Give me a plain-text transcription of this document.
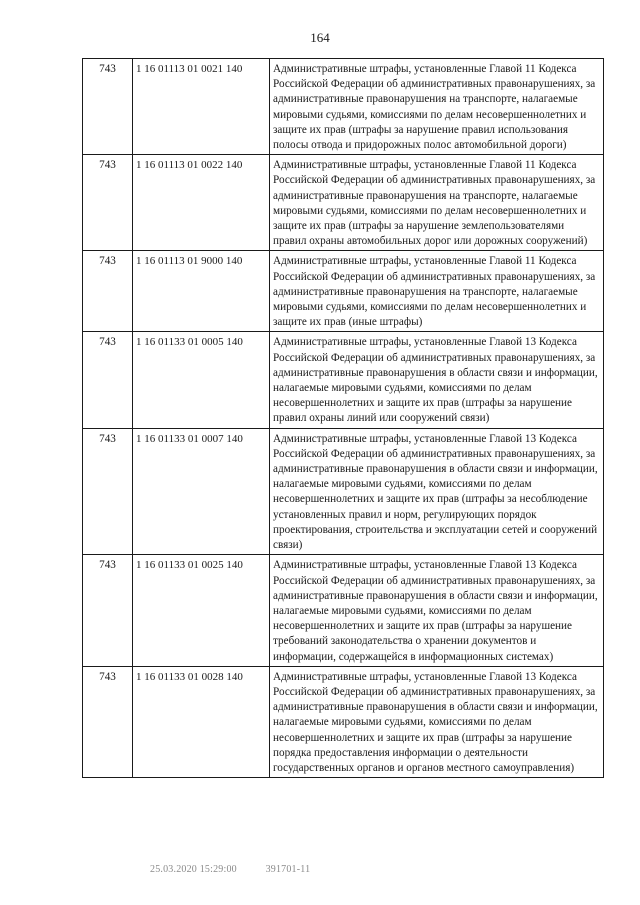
164
743	1 16 01113 01 0021 140	Административные штрафы, установленные Главой 11 Кодекса Российской Федерации об административных правонарушениях, за административные правонарушения на транспорте, налагаемые мировыми судьями, комиссиями по делам несовершеннолетних и защите их прав (штрафы за нарушение правил использования полосы отвода и придорожных полос автомобильной дороги)
743	1 16 01113 01 0022 140	Административные штрафы, установленные Главой 11 Кодекса Российской Федерации об административных правонарушениях, за административные правонарушения на транспорте, налагаемые мировыми судьями, комиссиями по делам несовершеннолетних и защите их прав (штрафы за нарушение землепользователями правил охраны автомобильных дорог или дорожных сооружений)
743	1 16 01113 01 9000 140	Административные штрафы, установленные Главой 11 Кодекса Российской Федерации об административных правонарушениях, за административные правонарушения на транспорте, налагаемые мировыми судьями, комиссиями по делам несовершеннолетних и защите их прав (иные штрафы)
743	1 16 01133 01 0005 140	Административные штрафы, установленные Главой 13 Кодекса Российской Федерации об административных правонарушениях, за административные правонарушения в области связи и информации, налагаемые мировыми судьями, комиссиями по делам несовершеннолетних и защите их прав (штрафы за нарушение правил охраны линий или сооружений связи)
743	1 16 01133 01 0007 140	Административные штрафы, установленные Главой 13 Кодекса Российской Федерации об административных правонарушениях, за административные правонарушения в области связи и информации, налагаемые мировыми судьями, комиссиями по делам несовершеннолетних и защите их прав (штрафы за несоблюдение установленных правил и норм, регулирующих порядок проектирования, строительства и эксплуатации сетей и сооружений связи)
743	1 16 01133 01 0025 140	Административные штрафы, установленные Главой 13 Кодекса Российской Федерации об административных правонарушениях, за административные правонарушения в области связи и информации, налагаемые мировыми судьями, комиссиями по делам несовершеннолетних и защите их прав (штрафы за нарушение требований законодательства о хранении документов и информации, содержащейся в информационных системах)
743	1 16 01133 01 0028 140	Административные штрафы, установленные Главой 13 Кодекса Российской Федерации об административных правонарушениях, за административные правонарушения в области связи и информации, налагаемые мировыми судьями, комиссиями по делам несовершеннолетних и защите их прав (штрафы за нарушение порядка предоставления информации о деятельности государственных органов и органов местного самоуправления)
25.03.2020 15:29:00	391701-11
